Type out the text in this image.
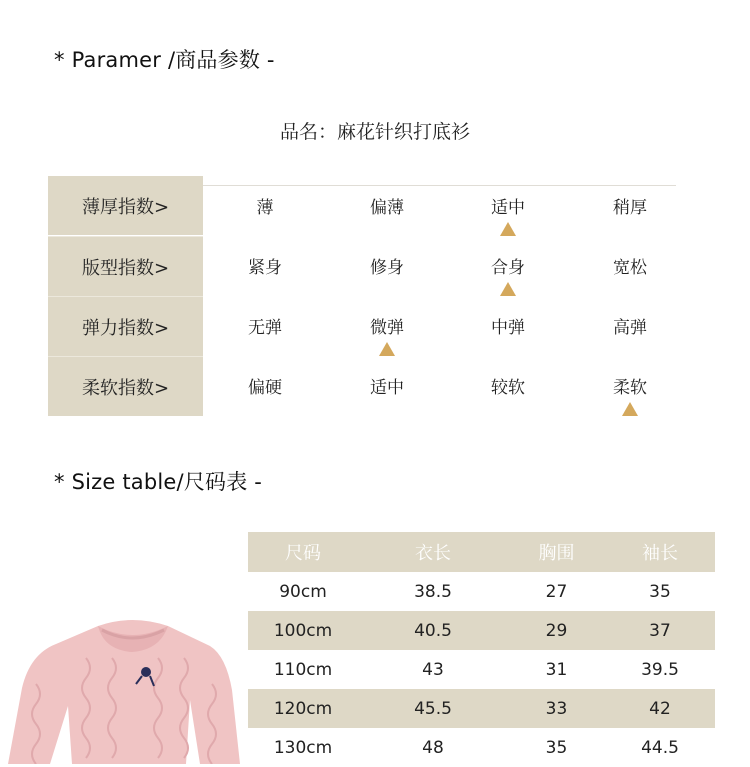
* Paramer /商品参数 -
品名：麻花针织打底衫
薄厚指数>	薄	偏薄	适中	稍厚
版型指数>	紧身	修身	合身	宽松
弹力指数>	无弹	微弹	中弹	高弹
柔软指数>	偏硬	适中	较软	柔软
* Size table/尺码表 -
尺码	衣长	胸围	袖长
90cm	38.5	27	35
100cm	40.5	29	37
110cm	43	31	39.5
120cm	45.5	33	42
130cm	48	35	44.5
